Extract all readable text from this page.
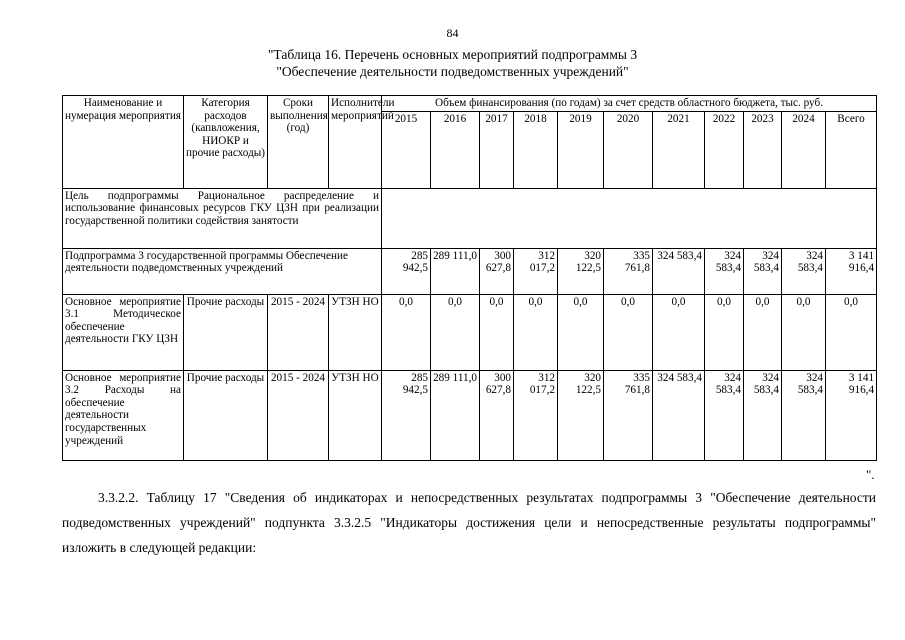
84
"Таблица 16. Перечень основных мероприятий подпрограммы 3
"Обеспечение деятельности подведомственных учреждений"
Наименование и нумерация мероприятия	Категория расходов (капвложения, НИОКР и прочие расходы)	Сроки выполнения (год)	Исполнители мероприятий	Объем финансирования (по годам) за счет средств областного бюджета, тыс. руб.										
				2015	2016	2017	2018	2019	2020	2021	2022	2023	2024	Всего
Цель подпрограммы Рациональное распределение и использование финансовых ресурсов ГКУ ЦЗН при реализации государственной политики содействия занятости														
Подпрограмма 3 государственной программы Обеспечение деятельности подведомственных учреждений				285 942,5	289 111,0	300 627,8	312 017,2	320 122,5	335 761,8	324 583,4	324 583,4	324 583,4	324 583,4	3 141 916,4
Основное мероприятие 3.1 Методическое обеспечение деятельности ГКУ ЦЗН	Прочие расходы	2015 - 2024	УТЗН НО	0,0	0,0	0,0	0,0	0,0	0,0	0,0	0,0	0,0	0,0	0,0
Основное мероприятие 3.2 Расходы на обеспечение деятельности государственных учреждений	Прочие расходы	2015 - 2024	УТЗН НО	285 942,5	289 111,0	300 627,8	312 017,2	320 122,5	335 761,8	324 583,4	324 583,4	324 583,4	324 583,4	3 141 916,4
".
3.3.2.2. Таблицу 17 "Сведения об индикаторах и непосредственных результатах подпрограммы 3 "Обеспечение деятельности подведомственных учреждений" подпункта 3.3.2.5 "Индикаторы достижения цели и непосредственные результаты подпрограммы" изложить в следующей редакции:
